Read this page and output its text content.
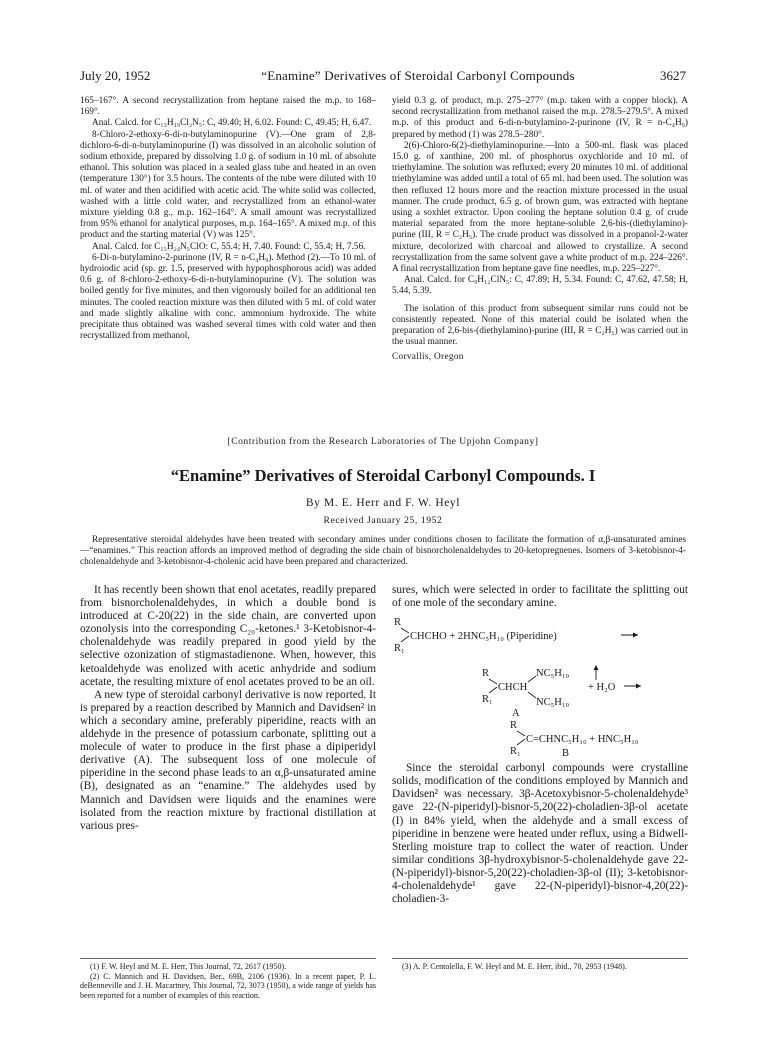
July 20, 1952	“Enamine” Derivatives of Steroidal Carbonyl Compounds	3627

165–167°. A second recrystallization from heptane raised the m.p. to 168–169°.

Anal. Calcd. for C₁₃H₁₉Cl₂N₅: C, 49.40; H, 6.02. Found: C, 49.45; H, 6.47.

8-Chloro-2-ethoxy-6-di-n-butylaminopurine (V).—One gram of 2,8-dichloro-6-di-n-butylaminopurine (I) was dissolved in an alcoholic solution of sodium ethoxide, prepared by dissolving 1.0 g. of sodium in 10 ml. of absolute ethanol. This solution was placed in a sealed glass tube and heated in an oven (temperature 130°) for 3.5 hours. The contents of the tube were diluted with 10 ml. of water and then acidified with acetic acid. The white solid was collected, washed with a little cold water, and recrystallized from an ethanol-water mixture yielding 0.8 g., m.p. 162–164°. A small amount was recrystallized from 95% ethanol for analytical purposes, m.p. 164–165°. A mixed m.p. of this product and the starting material (V) was 125°.

Anal. Calcd. for C₁₅H₂₄N₅ClO: C, 55.4; H, 7.40. Found: C, 55.4; H, 7.56.

6-Di-n-butylamino-2-purinone (IV, R = n-C₄H₉). Method (2).—To 10 ml. of hydroiodic acid (sp. gr. 1.5, preserved with hypophosphorous acid) was added 0.6 g. of 8-chloro-2-ethoxy-6-di-n-butylaminopurine (V). The solution was boiled gently for five minutes, and then vigorously boiled for an additional ten minutes. The cooled reaction mixture was then diluted with 5 ml. of cold water and made slightly alkaline with conc. ammonium hydroxide. The white precipitate thus obtained was washed several times with cold water and then recrystallized from methanol,

yield 0.3 g. of product, m.p. 275–277° (m.p. taken with a copper block). A second recrystallization from methanol raised the m.p. 278.5–279.5°. A mixed m.p. of this product and 6-di-n-butylamino-2-purinone (IV, R = n-C₄H₉) prepared by method (1) was 278.5–280°.

2(6)-Chloro-6(2)-diethylaminopurine.—Into a 500-ml. flask was placed 15.0 g. of xanthine, 200 ml. of phosphorus oxychloride and 10 ml. of triethylamine. The solution was refluxed; every 20 minutes 10 ml. of additional triethylamine was added until a total of 65 ml. had been used. The solution was then refluxed 12 hours more and the reaction mixture processed in the usual manner. The crude product, 6.5 g. of brown gum, was extracted with heptane using a soxhlet extractor. Upon cooling the heptane solution 0.4 g. of crude material separated from the more heptane-soluble 2,6-bis-(diethylamino)-purine (III, R = C₂H₅). The crude product was dissolved in a propanol-2-water mixture, decolorized with charcoal and allowed to crystallize. A second recrystallization from the same solvent gave a white product of m.p. 224–226°. A final recrystallization from heptane gave fine needles, m.p. 225–227°.

Anal. Calcd. for C₉H₁₂ClN₅: C, 47.89; H, 5.34. Found: C, 47.62, 47.58; H, 5.44, 5.39.

The isolation of this product from subsequent similar runs could not be consistently repeated. None of this material could be isolated when the preparation of 2,6-bis-(diethylamino)-purine (III, R = C₂H₅) was carried out in the usual manner.

Corvallis, Oregon

[Contribution from the Research Laboratories of The Upjohn Company]
“Enamine” Derivatives of Steroidal Carbonyl Compounds. I
By M. E. Herr and F. W. Heyl
Received January 25, 1952

Representative steroidal aldehydes have been treated with secondary amines under conditions chosen to facilitate the formation of α,β-unsaturated amines—“enamines.” This reaction affords an improved method of degrading the side chain of bisnorcholenaldehydes to 20-ketopregnenes. Isomers of 3-ketobisnor-4-cholenaldehyde and 3-ketobisnor-4-cholenic acid have been prepared and characterized.

It has recently been shown that enol acetates, readily prepared from bisnorcholenaldehydes, in which a double bond is introduced at C-20(22) in the side chain, are converted upon ozonolysis into the corresponding C₂₀-ketones.¹ 3-Ketobisnor-4-cholenaldehyde was readily prepared in good yield by the selective ozonization of stigmastadienone. When, however, this ketoaldehyde was enolized with acetic anhydride and sodium acetate, the resulting mixture of enol acetates proved to be an oil.

A new type of steroidal carbonyl derivative is now reported. It is prepared by a reaction described by Mannich and Davidsen² in which a secondary amine, preferably piperidine, reacts with an aldehyde in the presence of potassium carbonate, splitting out a molecule of water to produce in the first phase a dipiperidyl derivative (A). The subsequent loss of one molecule of piperidine in the second phase leads to an α,β-unsaturated amine (B), designated as an “enamine.” The aldehydes used by Mannich and Davidsen were liquids and the enamines were isolated from the reaction mixture by fractional distillation at various pres-

sures, which were selected in order to facilitate the splitting out of one mole of the secondary amine.

R
R₁
CHCHO + 2HNC₅H₁₀ (Piperidine)
R
R₁
CHCH
NC₅H₁₀
NC₅H₁₀
+ H₂O
A
R
R₁
C=CHNC₅H₁₀ + HNC₅H₁₀
B

Since the steroidal carbonyl compounds were crystalline solids, modification of the conditions employed by Mannich and Davidsen² was necessary. 3β-Acetoxybisnor-5-cholenaldehyde³ gave 22-(N-piperidyl)-bisnor-5,20(22)-choladien-3β-ol acetate (I) in 84% yield, when the aldehyde and a small excess of piperidine in benzene were heated under reflux, using a Bidwell-Sterling moisture trap to collect the water of reaction. Under similar conditions 3β-hydroxybisnor-5-cholenaldehyde gave 22-(N-piperidyl)-bisnor-5,20(22)-choladien-3β-ol (II); 3-ketobisnor-4-cholenaldehyde¹ gave 22-(N-piperidyl)-bisnor-4,20(22)-choladien-3-

(1) F. W. Heyl and M. E. Herr, This Journal, 72, 2617 (1950).

(2) C. Mannich and H. Davidsen, Ber., 69B, 2106 (1936). In a recent paper, P. L. deBenneville and J. H. Macartney, This Journal, 72, 3073 (1950), a wide range of yields has been reported for a number of examples of this reaction.

(3) A. P. Centolella, F. W. Heyl and M. E. Herr, ibid., 70, 2953 (1948).
